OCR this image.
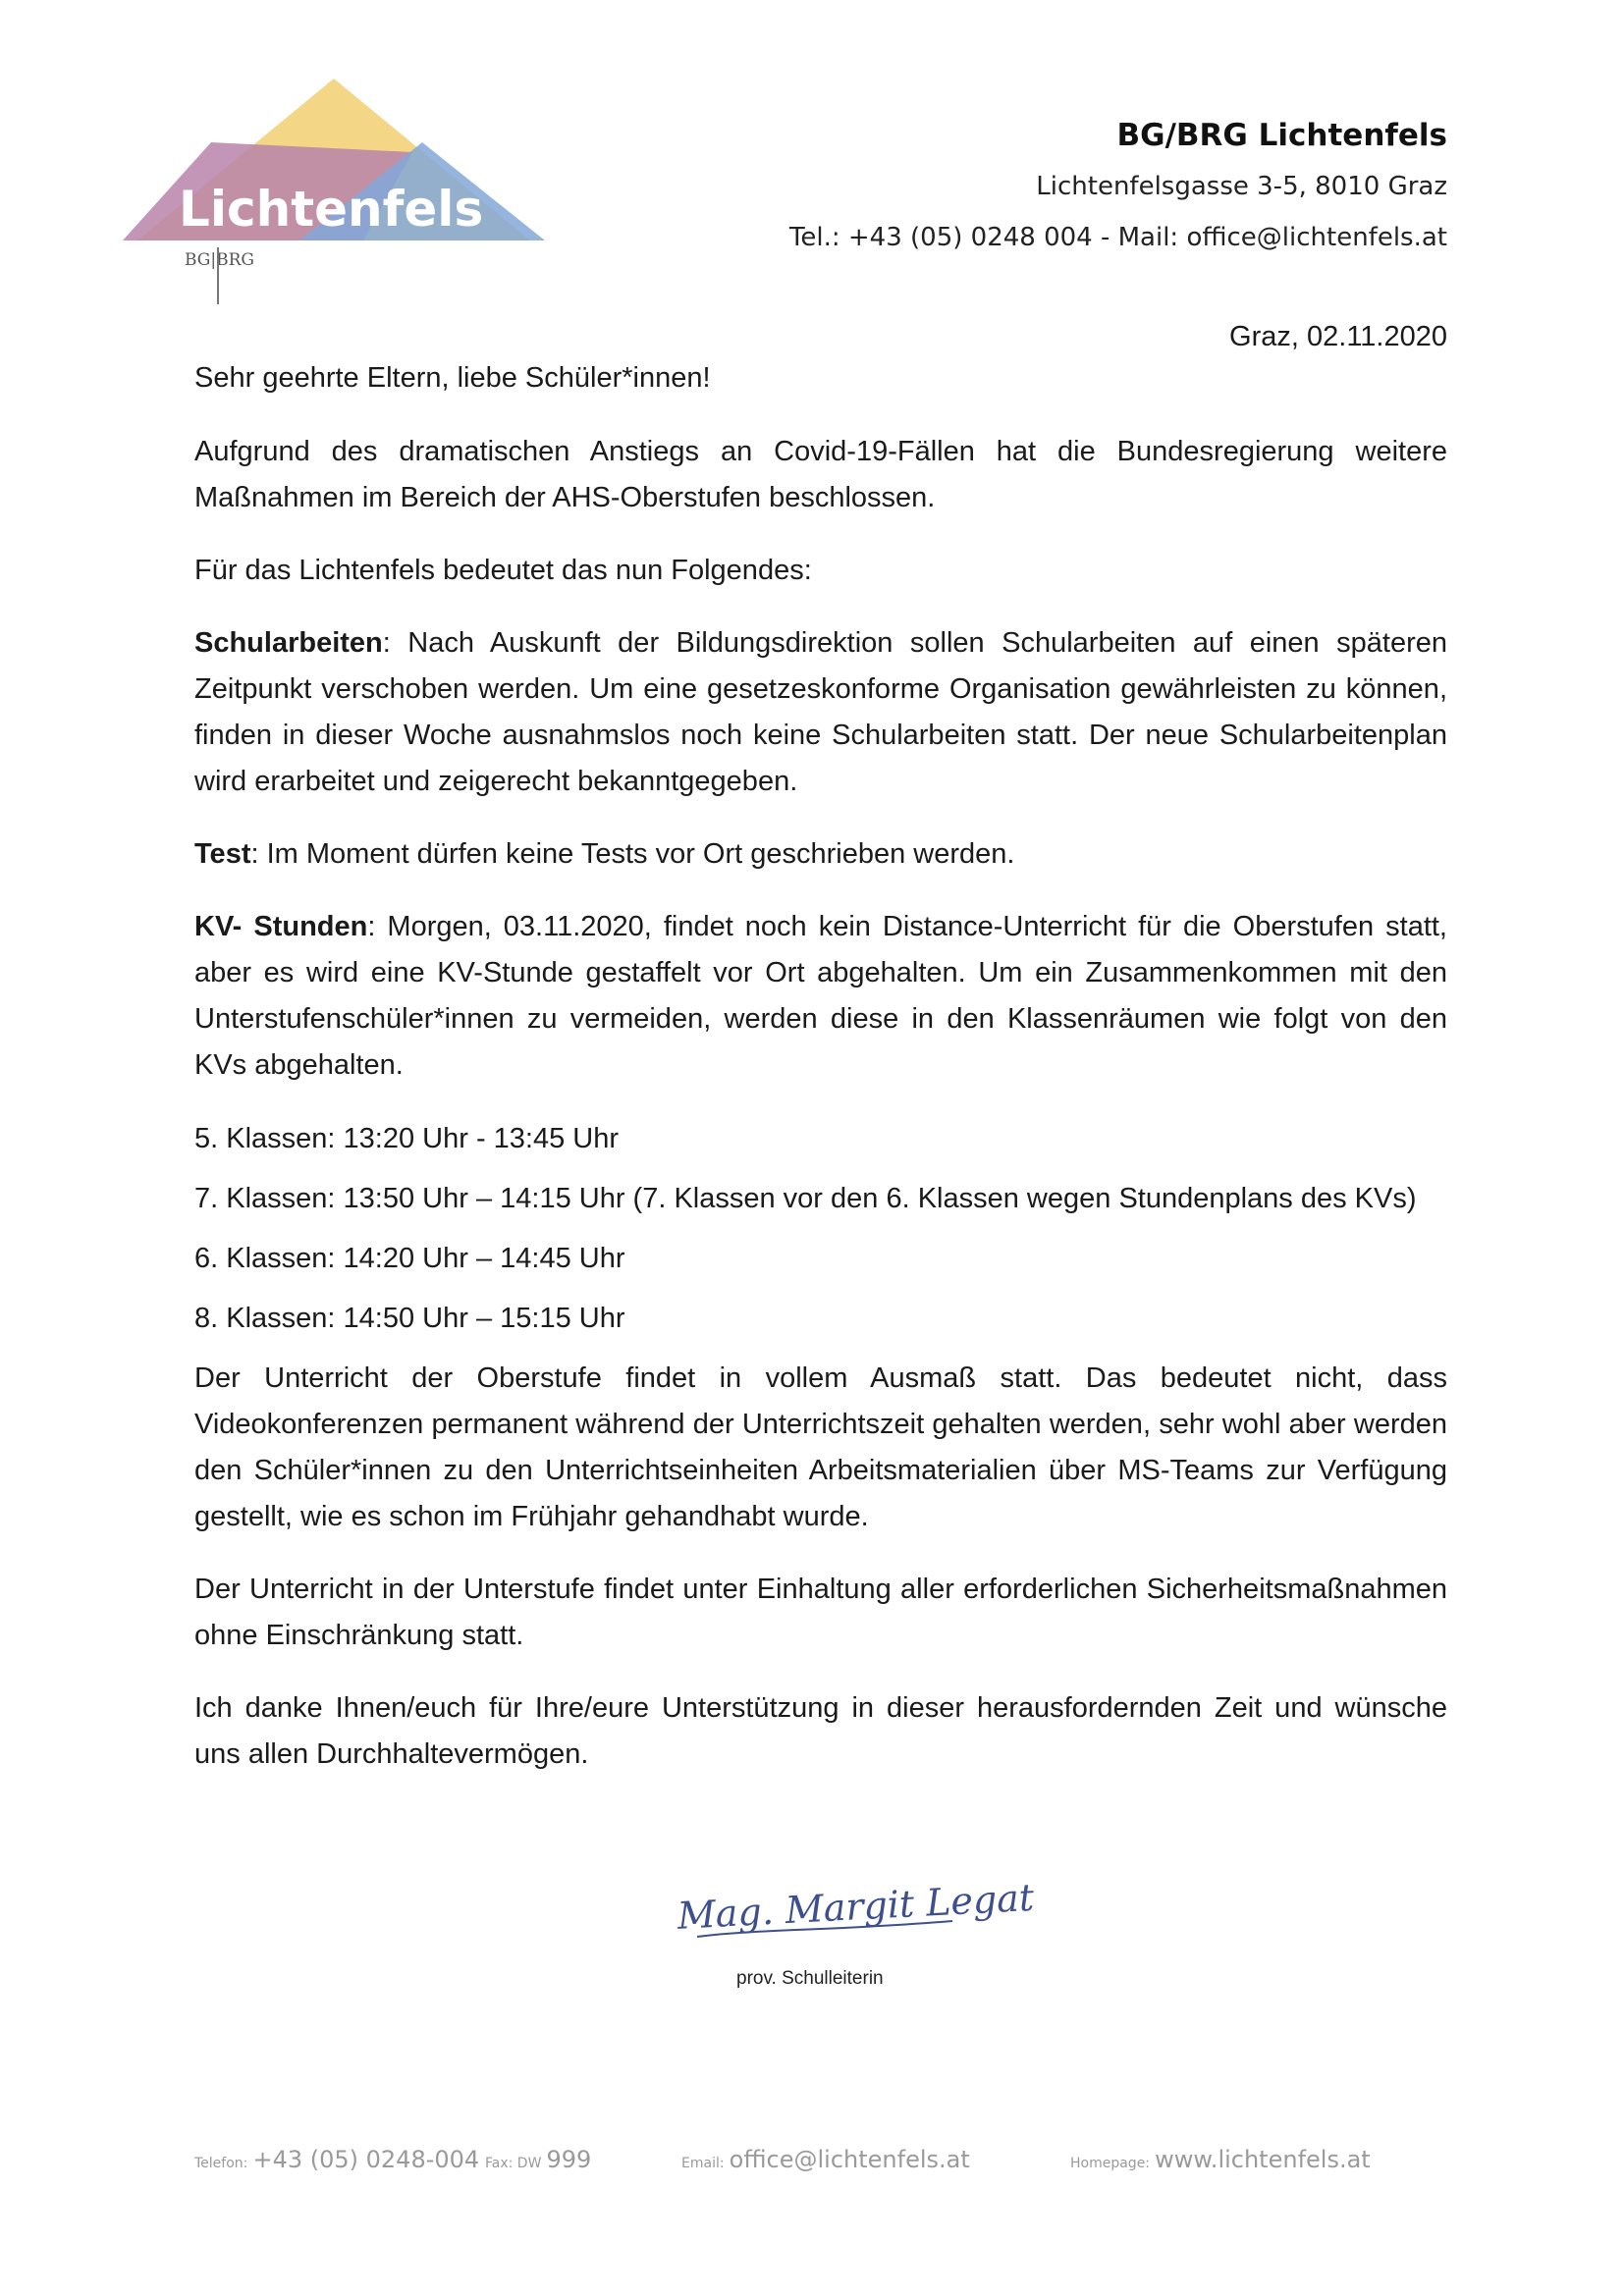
Lichtenfels
BG|BRG
BG/BRG Lichtenfels
Lichtenfelsgasse 3-5, 8010 Graz
Tel.: +43 (05) 0248 004 - Mail: office@lichtenfels.at

Graz, 02.11.2020

Sehr geehrte Eltern, liebe Schüler*innen!

Aufgrund des dramatischen Anstiegs an Covid-19-Fällen hat die Bundesregierung weitere Maßnahmen im Bereich der AHS-Oberstufen beschlossen.

Für das Lichtenfels bedeutet das nun Folgendes:

Schularbeiten: Nach Auskunft der Bildungsdirektion sollen Schularbeiten auf einen späteren Zeitpunkt verschoben werden. Um eine gesetzeskonforme Organisation gewährleisten zu können, finden in dieser Woche ausnahmslos noch keine Schularbeiten statt. Der neue Schularbeitenplan wird erarbeitet und zeigerecht bekanntgegeben.

Test: Im Moment dürfen keine Tests vor Ort geschrieben werden.

KV- Stunden: Morgen, 03.11.2020, findet noch kein Distance-Unterricht für die Oberstufen statt, aber es wird eine KV-Stunde gestaffelt vor Ort abgehalten. Um ein Zusammenkommen mit den Unterstufenschüler*innen zu vermeiden, werden diese in den Klassenräumen wie folgt von den KVs abgehalten.

5. Klassen: 13:20 Uhr - 13:45 Uhr
7. Klassen: 13:50 Uhr – 14:15 Uhr (7. Klassen vor den 6. Klassen wegen Stundenplans des KVs)
6. Klassen: 14:20 Uhr – 14:45 Uhr
8. Klassen: 14:50 Uhr – 15:15 Uhr

Der Unterricht der Oberstufe findet in vollem Ausmaß statt. Das bedeutet nicht, dass Videokonferenzen permanent während der Unterrichtszeit gehalten werden, sehr wohl aber werden den Schüler*innen zu den Unterrichtseinheiten Arbeitsmaterialien über MS-Teams zur Verfügung gestellt, wie es schon im Frühjahr gehandhabt wurde.

Der Unterricht in der Unterstufe findet unter Einhaltung aller erforderlichen Sicherheitsmaßnahmen ohne Einschränkung statt.

Ich danke Ihnen/euch für Ihre/eure Unterstützung in dieser herausfordernden Zeit und wünsche uns allen Durchhaltevermögen.

Mag. Margit Legat
prov. Schulleiterin
Telefon: +43 (05) 0248-004 Fax: DW 999	Email: office@lichtenfels.at	Homepage: www.lichtenfels.at
